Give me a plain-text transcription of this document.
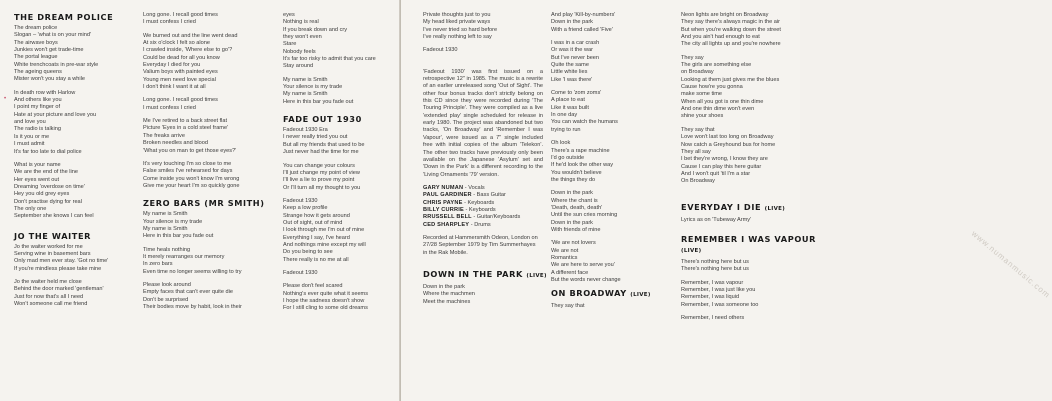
•
THE DREAM POLICE
The dream police
Slogan – 'what is on your mind'
The airwave boys
Junkies won't get trade-time
The portal league
White trenchcoats in pre-war style
The ageing queens
Mister won't you stay a while
In death row with Harlow
And others like you
I point my finger of
Hate at your picture and love you
and love you
The radio is talking
Is it you or me
I must admit
It's far too late to dial police
What is your name
We are the end of the line
Her eyes went out
Dreaming 'overdose on time'
Hey you old grey eyes
Don't practise dying for real
The only one
September she knows I can feel
JO THE WAITER
Jo the waiter worked for me
Serving wine in basement bars
Only mad men ever stay. 'Got no time'
If you're mindless please take mine
Jo the waiter held me close
Behind the door marked 'gentleman'
Just for now that's all I need
Won't someone call me friend
Long gone. I recall good times
I must confess I cried
We burned out and the line went dead
At six o'clock I felt so alone
I crawled inside, 'Where else to go'?
Could be dead for all you know
Everyday I died for you
Valium boys with painted eyes
Young men need love special
I don't think I want it at all
Long gone. I recall good times
I must confess I cried
Me I've retired to a back street flat
Picture 'Eyes in a cold steel frame'
The freaks arrive
Broken needles and blood
'What you on man to get those eyes?'
It's very touching I'm so close to me
False smiles I've rehearsed for days
Come inside you won't know I'm wrong
Give me your heart I'm so quickly gone
ZERO BARS (MR SMITH)
My name is Smith
Your silence is my trade
My name is Smith
Here in this bar you fade out
Time heals nothing
It merely rearranges our memory
In zero bars
Even time no longer seems willing to try
Please look around
Empty faces that can't ever quite die
Don't be surprised
Their bodies move by habit, look in their
eyes
Nothing is real
If you break down and cry
they won't even
Stare
Nobody feels
It's far too risky to admit that you care
Stay around
My name is Smith
Your silence is my trade
My name is Smith
Here in this bar you fade out
FADE OUT 1930
Fadeout 1930 Era
I never really tried you out
But all my friends that used to be
Just never had the time for me
You can change your colours
I'll just change my point of view
I'll live a lie to prove my point
Or I'll turn all my thought to you
Fadeout 1930
Keep a low profile
Strange how it gets around
Out of sight, out of mind
I look through me I'm out of mine
Everything I say, I've heard
And nothings mine except my will
Do you being to see
There really is no me at all
Fadeout 1930
Please don't feel scared
Nothing's ever quite what it seems
I hope the sadness doesn't show
For I still cling to some old dreams
www.numanmusic.com
Private thoughts just to you
My head liked private ways
I've never tried so hard before
I've really nothing left to say
Fadeout 1930

'Fadeout 1930' was first issued on a retrospective 12" in 1985. The music is a rewrite of an earlier unreleased song 'Out of Sight'. The other four bonus tracks don't strictly belong on this CD since they were recorded during 'The Touring Principle'. They were compiled as a live 'extended play' single scheduled for release in early 1980. The project was abandoned but two tracks, 'On Broadway' and 'Remember I was Vapour', were issued as a 7" single included free with initial copies of the album 'Telekon'. The other two tracks have previously only been available on the Japanese 'Asylum' set and 'Down in the Park' is a different recording to the 'Living Ornaments '79' version.

GARY NUMAN - Vocals
PAUL GARDINER - Bass Guitar
CHRIS PAYNE - Keyboards
BILLY CURRIE - Keyboards
RRUSSELL BELL - Guitar/Keyboards
CED SHARPLEY - Drums
Recorded at Hammersmith Odeon, London on
27/28 September 1979 by Tim Summerhayes
in the Rak Mobile.
DOWN IN THE PARK (LIVE)
Down in the park
Where the machmen
Meet the machines
And play 'Kill-by-numbers'
Down in the park
With a friend called 'Five'
I was in a car crash
Or was it the war
But I've never been
Quite the same
Little white lies
Like 'I was there'
Come to 'zom zoms'
A place to eat
Like it was built
In one day
You can watch the humans
trying to run
Oh look
There's a rape machine
I'd go outside
If he'd look the other way
You wouldn't believe
the things they do
Down in the park
Where the chant is
'Death, death, death'
Until the sun cries morning
Down in the park
With friends of mine
'We are not lovers
We are not
Romantics
We are here to serve you'
A different face
But the words never change
ON BROADWAY (LIVE)
They say that
Neon lights are bright on Broadway
They say there's always magic in the air
But when you're walking down the street
And you ain't had enough to eat
The city all lights up and you're nowhere
They say
The girls are something else
on Broadway
Looking at them just gives me the blues
Cause how're you gonna
make some time
When all you got is one thin dime
And one thin dime won't even
shine your shoes
They say that
Love won't last too long on Broadway
Now catch a Greyhound bus for home
They all say
I bet they're wrong, I know they are
Cause I can play this here guitar
And I won't quit 'til I'm a star
On Broadway
EVERYDAY I DIE (LIVE)
Lyrics as on 'Tubeway Army'
REMEMBER I WAS VAPOUR
(LIVE)
There's nothing here but us
There's nothing here but us
Remember, I was vapour
Remember, I was just like you
Remember, I was liquid
Remember, I was someone too
Remember, I need others
